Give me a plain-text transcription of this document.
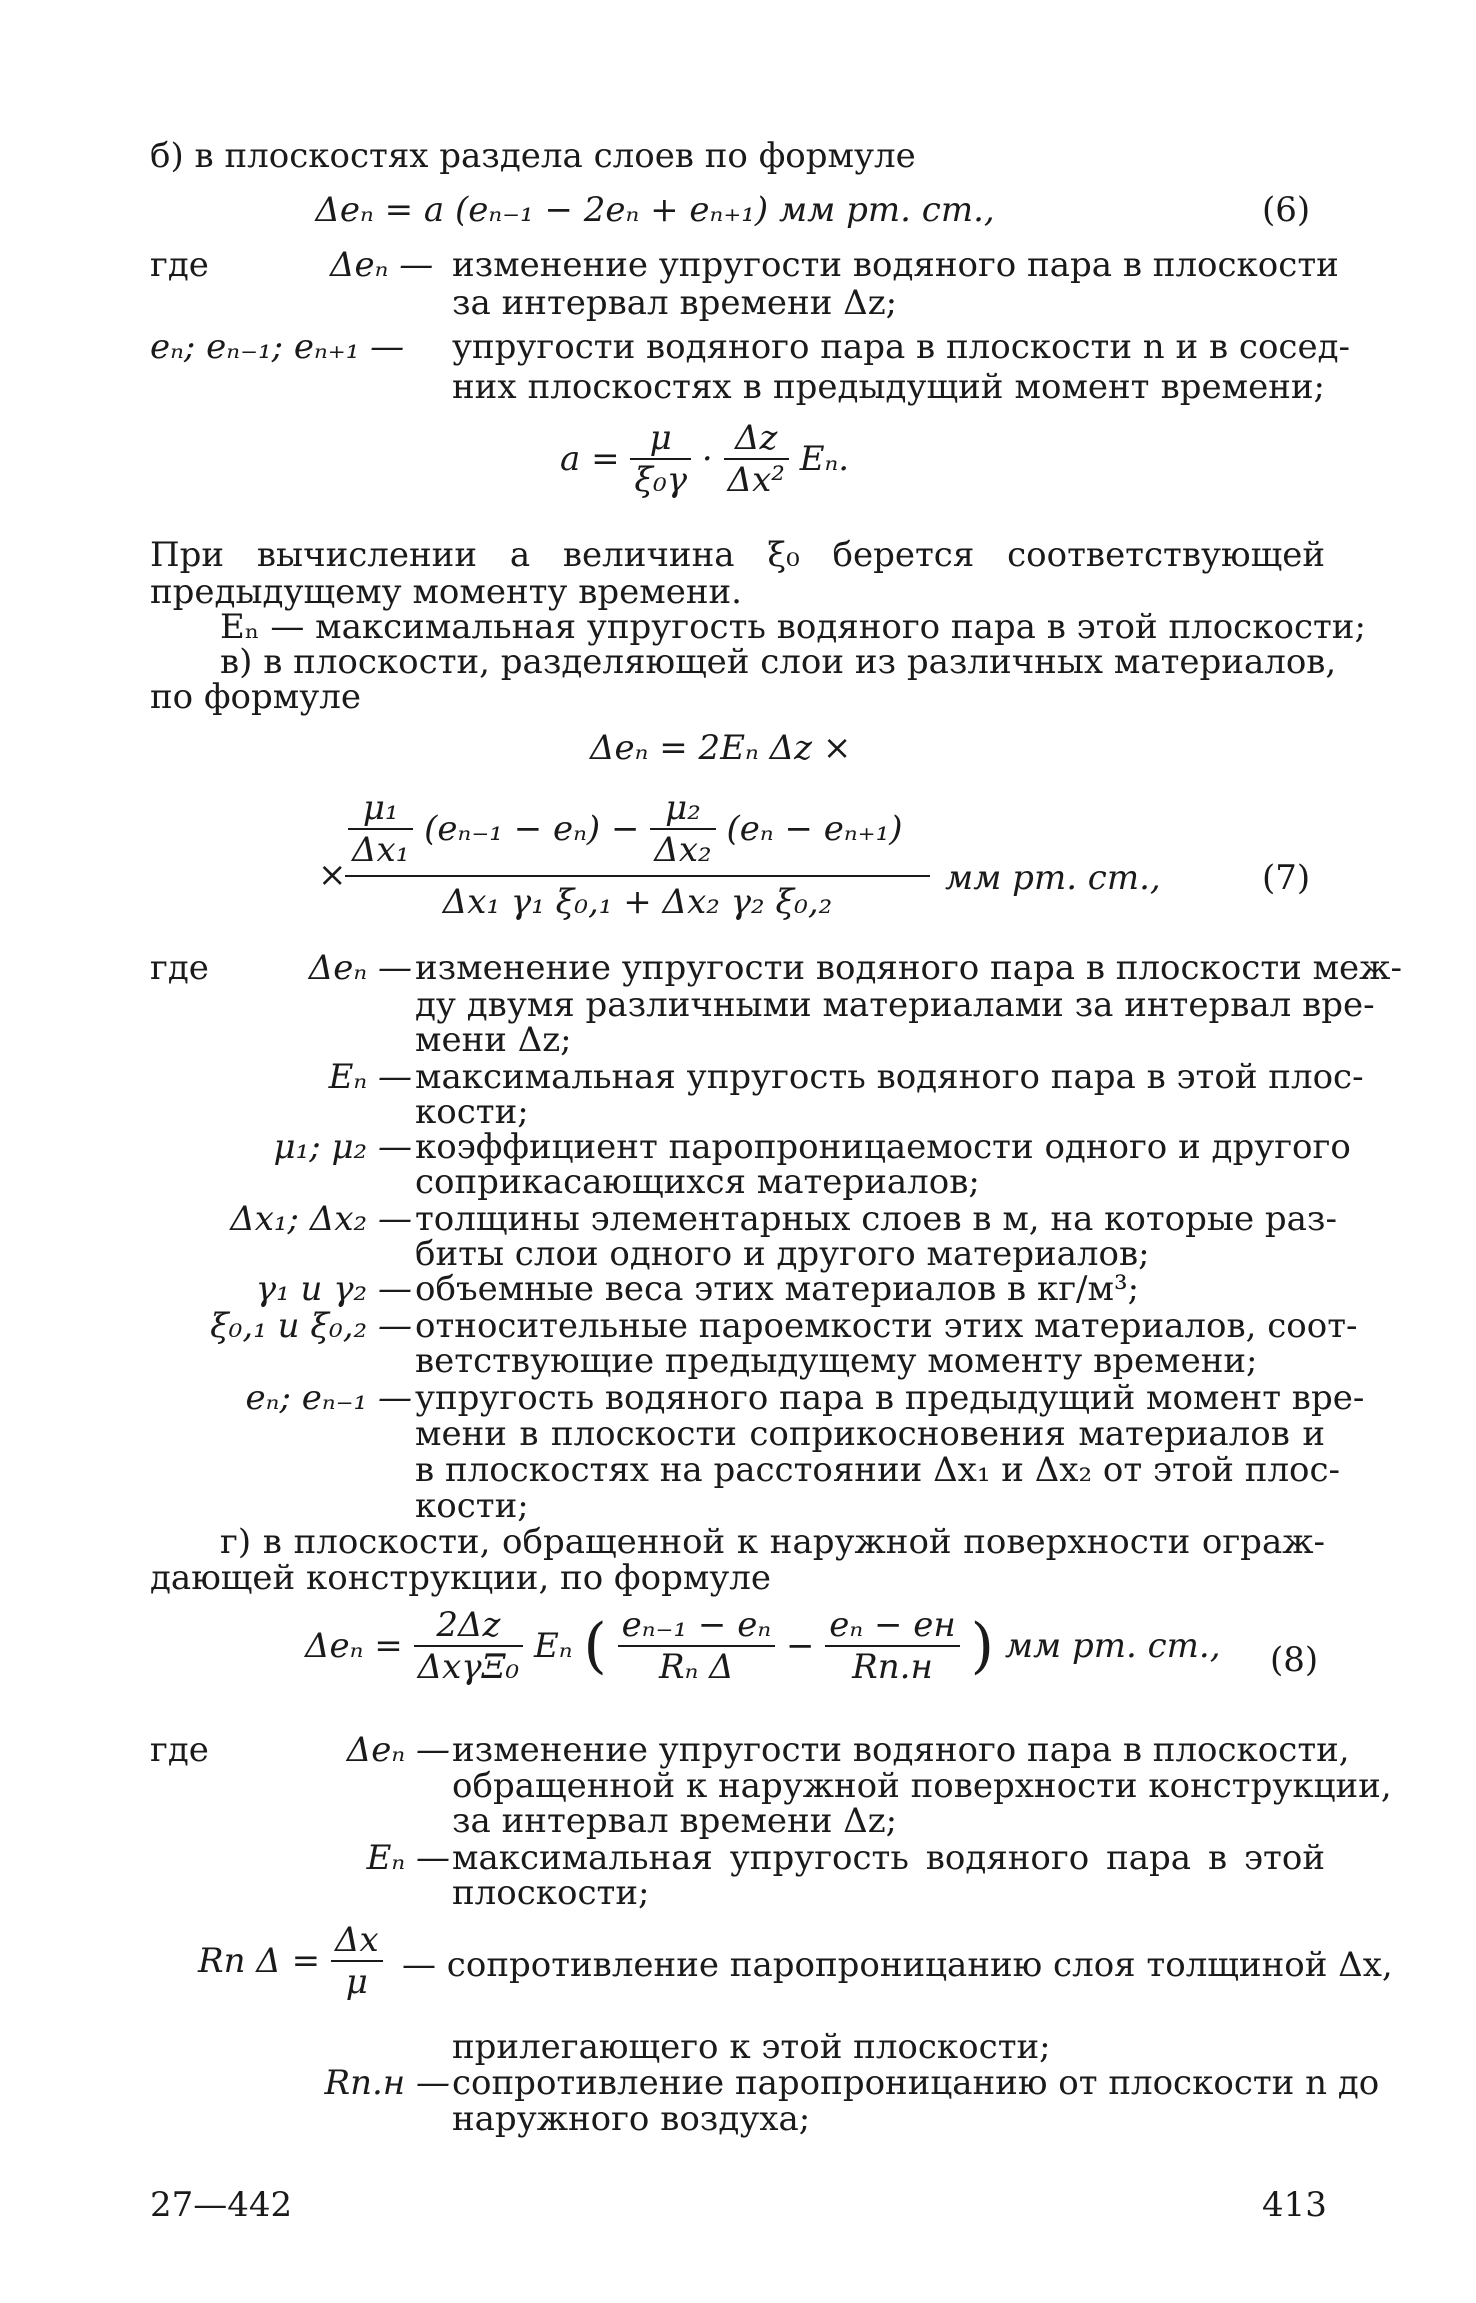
б) в плоскостях раздела слоев по формуле
Δeₙ = a (eₙ₋₁ − 2eₙ + eₙ₊₁) мм рт. ст.,	(6)
где	Δeₙ — изменение упругости водяного пара в плоскости
за интервал времени Δz;
eₙ; eₙ₋₁; eₙ₊₁ — упругости водяного пара в плоскости n и в сосед-
них плоскостях в предыдущий момент времени;
$a = \frac{\mu}{\text{ξ₀γ}} \cdot \frac{\Delta z}{\text{Δx²}} E_n$.
При вычислении a величина ξ₀ берется соответствующей
предыдущему моменту времени.
Eₙ — максимальная упругость водяного пара в этой плоскости;
в) в плоскости, разделяющей слои из различных материалов,
по формуле
Δeₙ = 2Eₙ Δz ×
×
$\frac{\text{μ₁}}{\text{Δx₁}} (e_{n-1} - e_n) - \frac{\text{μ₂}}{\text{Δx₂}} (e_n - e_{n+1})$
Δx₁ γ₁ ξ₀,₁ + Δx₂ γ₂ ξ₀,₂
мм рт. ст.,	(7)
где	Δeₙ — изменение упругости водяного пара в плоскости меж-
ду двумя различными материалами за интервал вре-
мени Δz;
Eₙ — максимальная упругость водяного пара в этой плос-
кости;
μ₁; μ₂ — коэффициент паропроницаемости одного и другого
соприкасающихся материалов;
Δx₁; Δx₂ — толщины элементарных слоев в м, на которые раз-
биты слои одного и другого материалов;
γ₁ и γ₂ — объемные веса этих материалов в кг/м³;
ξ₀,₁ и ξ₀,₂ — относительные пароемкости этих материалов, соот-
ветствующие предыдущему моменту времени;
eₙ; eₙ₋₁ — упругость водяного пара в предыдущий момент вре-
мени в плоскости соприкосновения материалов и
в плоскостях на расстоянии Δx₁ и Δx₂ от этой плос-
кости;
г) в плоскости, обращенной к наружной поверхности ограж-
дающей конструкции, по формуле
$\Delta e_n = \frac{2\Delta z}{\text{ΔxγΞ₀}}$ Eₙ ( $\frac{\text{eₙ₋₁ − eₙ}}{\text{Rₙ Δ}} - \frac{\text{eₙ − eн}}{Rп.н}$ ) мм рт. ст., (8)
где	Δeₙ — изменение упругости водяного пара в плоскости,
обращенной к наружной поверхности конструкции,
за интервал времени Δz;
Eₙ — максимальная упругость водяного пара в этой
плоскости;
Rп $\Delta = \frac{\Delta x}{\mu}$ — сопротивление паропроницанию слоя толщиной Δx,
прилегающего к этой плоскости;
Rп.н — сопротивление паропроницанию от плоскости n до
наружного воздуха;
27—442	413
